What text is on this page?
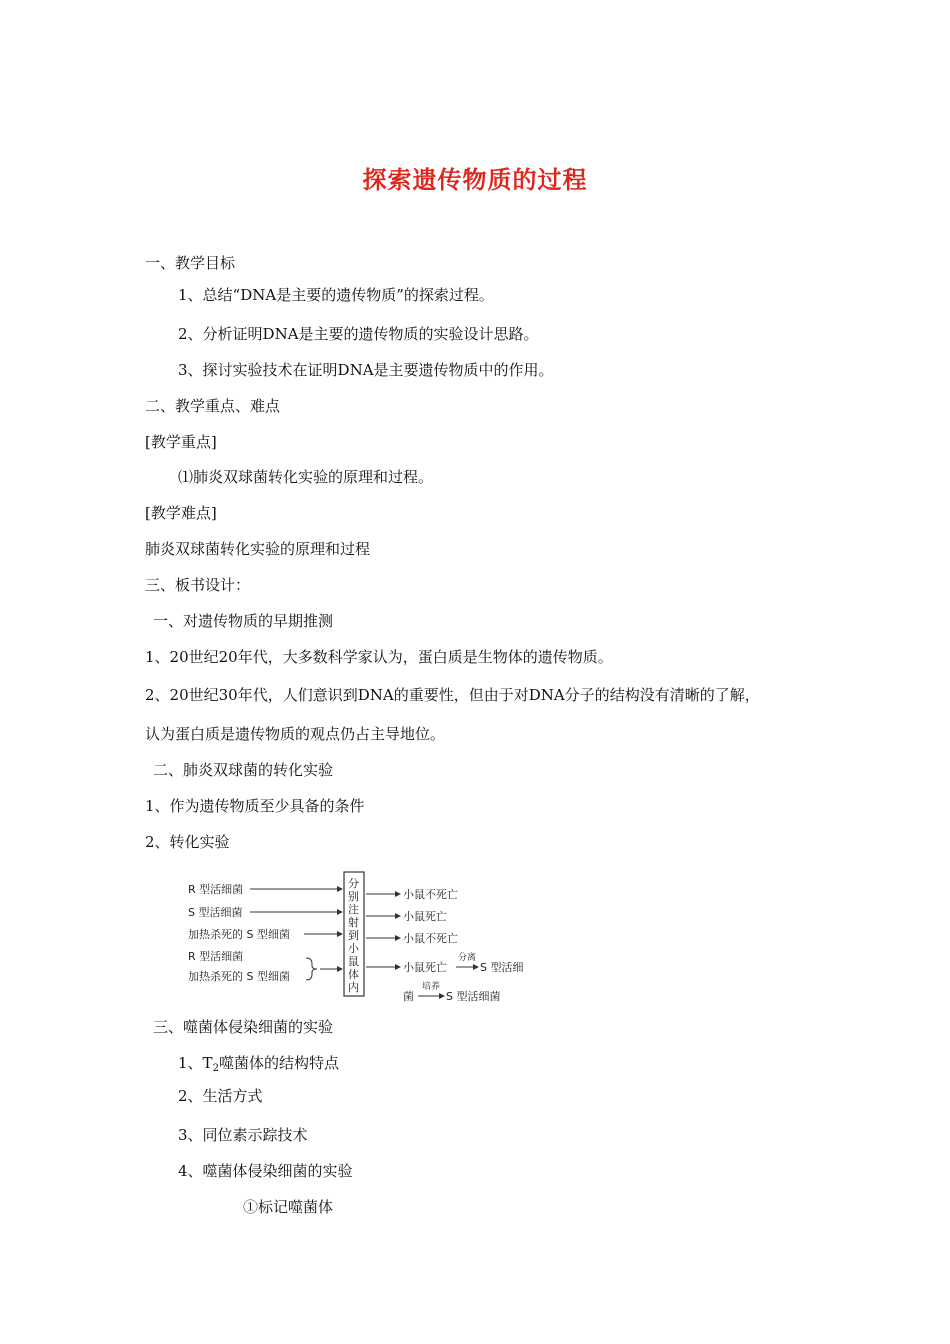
探索遗传物质的过程
一、教学目标
1、总结“DNA是主要的遗传物质”的探索过程。
2、分析证明DNA是主要的遗传物质的实验设计思路。
3、探讨实验技术在证明DNA是主要遗传物质中的作用。
二、教学重点、难点
[教学重点]
⑴肺炎双球菌转化实验的原理和过程。
[教学难点]
肺炎双球菌转化实验的原理和过程
三、板书设计：
一、对遗传物质的早期推测
1、20世纪20年代，大多数科学家认为，蛋白质是生物体的遗传物质。
2、20世纪30年代，人们意识到DNA的重要性，但由于对DNA分子的结构没有清晰的了解，
认为蛋白质是遗传物质的观点仍占主导地位。
二、肺炎双球菌的转化实验
1、作为遗传物质至少具备的条件
2、转化实验
R 型活细菌
S 型活细菌
加热杀死的 S 型细菌
R 型活细菌
加热杀死的 S 型细菌
分
别
注
射
到
小
鼠
体
内
小鼠不死亡
小鼠死亡
小鼠不死亡
小鼠死亡
分离
S 型活细
菌
培养
S 型活细菌
三、噬菌体侵染细菌的实验
1、$T_2$噬菌体的结构特点
2、生活方式
3、同位素示踪技术
4、噬菌体侵染细菌的实验
①标记噬菌体
